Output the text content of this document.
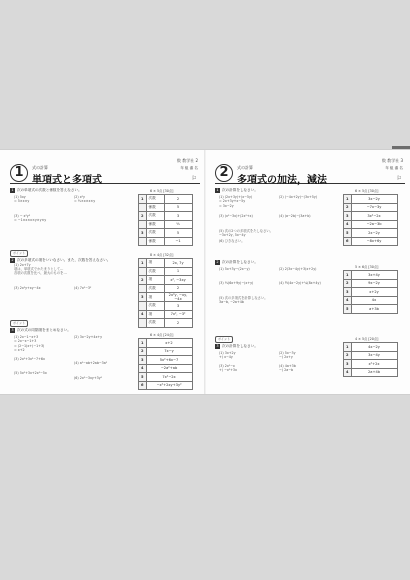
数 教学社 2
1	式の計算
単項式と多項式
年 組 番 名
⚐
1 次の単項式の次数と係数を答えなさい。
(1) 5xy
= 5×x×y
(3) − x²y³
= −1×x×x×y×y×y
(2) x²y
= ⅓×x×x×y
ポイント
2 次の多項式の項をいいなさい。また，次数を答えなさい。
(1) 2x+7y
項は，単項式でかたまりとして…
各項の次数を比べ，最大のものを…
(3) 2x²y+xy−4x	(4) 7x²−3²
ポイント
3 次の式の同類項をまとめなさい。
(1) 2x−1−x+3
= 2x−x−1+3
= (2−1)x+(−1+3)
= x+2
(3) 2x²+3x²−7+6x
(5) 5x²+3x+2x²−5x
(2) 3x−2y+4x+y
(4) a²−ab+2ab−3a²
(6) 2x²−3xy+3y²
6 × 5点 [30点]
1	次数	2
	係数	5
2	次数	3
	係数	⅓
3	次数	5
	係数	−1
8 × 4点 [32点]
1	項	2x, 7y
	次数	1
2	項	x², −3xy
	次数	2
3	項	2x²y, −xy, −4x
	次数	3
4	項	7x², −3²
	次数	2
6 × 4点 [24点]
1	x+2
2	7x−y
3	5x²+6x−7
4	−2a²+ab
5	7x²−2x
6	−x²+2xy+3y²
数 教学社 3
2	式の計算
多項式の加法，減法
年 組 番 名
⚐
1 次の計算をしなさい。
(1) (2x+3y)+(x−5y)
= 2x+3y+x−5y
= 3x−2y
(3) (x²−3x)+(2x²+x)
(5) 次の2つの多項式をたしなさい。
−3x+2y, 5x−4y
(6) ひきなさい。
(2) (−4x+2y)−(3x+5y)
(4) (a−2b)−(3a+b)
2 次の計算をしなさい。
(1) 5x+3y−(2x−y)
(3) ⅓(6x+9y)−(x+y)
(5) 次の多項式を計算しなさい。
3a−b, −2a+4b
(2) 2(3x−4y)+3(x+2y)
(4) ½(4x−2y)+¼(8x+4y)
ポイント
3 次の計算をしなさい。
(1) 3x+2y
+) x−4y
(3) 2x²−x
+) −x²+3x
(2) 5x−3y
−) 2x+y
(4) 4a+3b
−) 2a−b
6 × 5点 [30点]
1	3x−2y
2	−7x−3y
3	3x²−2x
4	−2a−3b
5	2x−2y
6	−8x+6y
5 × 6点 [30点]
1	3x+4y
2	9x−2y
3	x+2y
4	4x
5	a+3b
4 × 5点 [20点]
1	4x−2y
2	3x−4y
3	x²+2x
4	2a+4b
